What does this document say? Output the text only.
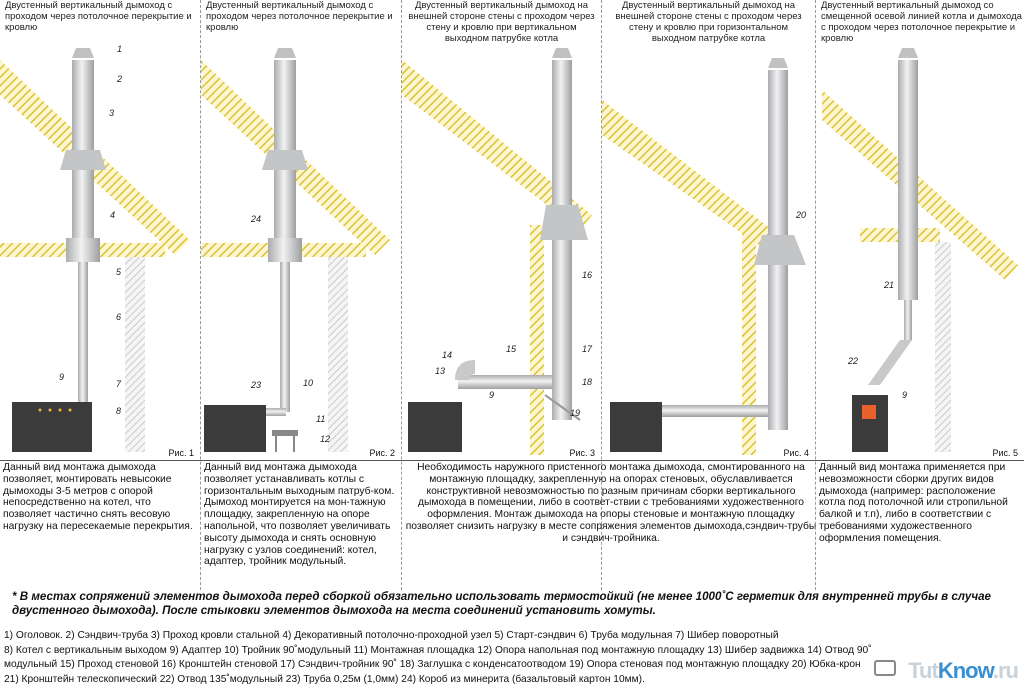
1
2
3
4
5
6
9
7
8
24
23	10
11
12
14
13
15	17
9
16
18
19
20
21
22
9
Двустенный вертикальный дымоход с проходом через потолочное перекрытие и кровлю
Рис. 1
Данный вид монтажа дымохода позволяет, монтировать невысокие дымоходы 3-5 метров с опорой непосредственно на котел, что позволяет частично снять весовую нагрузку на пересекаемые перекрытия.
Двустенный вертикальный дымоход с проходом через потолочное перекрытие и кровлю
Рис. 2
Данный вид монтажа дымохода позволяет устанавливать котлы с горизонтальным выходным патруб-ком. Дымоход монтируется на мон-тажную площадку, закрепленную на опоре напольной, что позволяет увеличивать высоту дымохода и снять основную нагрузку с узлов соединений: котел, адаптер, тройник модульный.
Двустенный вертикальный дымоход на внешней стороне стены с проходом через стену и кровлю при вертикальном выходном патрубке котла
Рис. 3
Необходимость наружного пристенного монтажа дымохода, смонтированного на монтажную площадку, закрепленную на опорах стеновых, обуславливается конструктивной невозможностью по разным причинам сборки вертикального дымохода в помещении, либо в соответ-ствии с требованиями художественного оформления. Монтаж дымохода на опоры стеновые и монтажную площадку позволяет снизить нагрузку в месте сопряжения элементов дымохода,сэндвич-трубы и сэндвич-тройника.
Двустенный вертикальный дымоход на внешней стороне стены с проходом через стену и кровлю при горизонтальном выходном патрубке котла
Рис. 4
Двустенный вертикальный дымоход со смещенной осевой линией котла и дымохода с проходом через потолочное перекрытие и кровлю
Рис. 5
Данный вид монтажа применяется при невозможности сборки других видов дымохода (например: расположение котла под потолочной или стропильной балкой и т.п), либо в соответствии с требованиями художественного оформления помещения.
* В местах сопряжений элементов дымохода перед сборкой обязательно использовать термостойкий (не менее 1000˚С герметик для внутренней трубы в случае двустенного дымохода). После стыковки элементов дымохода на места соединений установить хомуты.
1) Оголовок. 2) Сэндвич-труба 3) Проход кровли стальной 4) Декоративный потолочно-проходной узел 5) Старт-сэндвич 6) Труба модульная 7) Шибер поворотный
8) Котел с вертикальным выходом 9) Адаптер 10) Тройник 90˚модульный 11) Монтажная площадка 12) Опора напольная под монтажную площадку 13) Шибер задвижка 14) Отвод 90˚
модульный 15) Проход стеновой 16) Кронштейн стеновой 17) Сэндвич-тройник 90˚ 18) Заглушка с конденсатоотводом 19) Опора стеновая под монтажную площадку 20) Юбка-крон
21) Кронштейн телескопический 22) Отвод 135˚модульный 23) Труба 0,25м (1,0мм) 24) Короб из минерита (базальтовый картон 10мм).	TutKnow.ru
